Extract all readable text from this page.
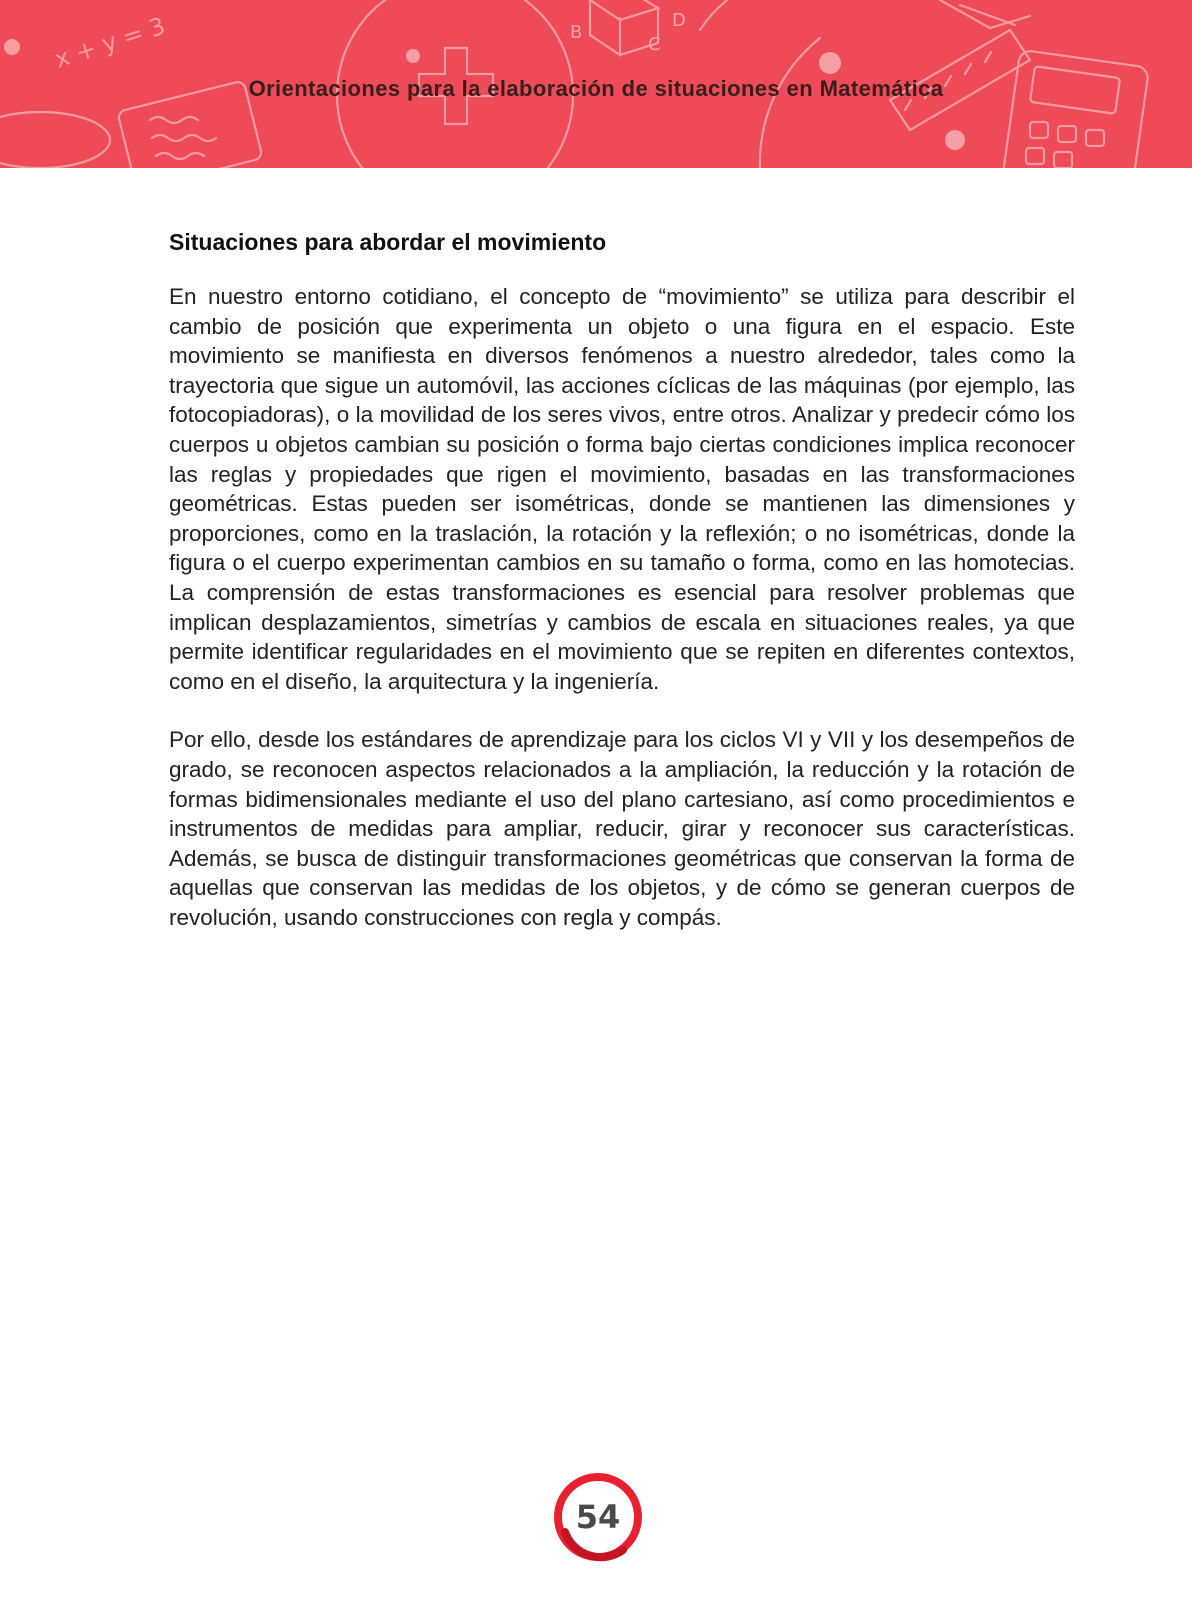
x + y = 3	B
C
D
Orientaciones para la elaboración de situaciones en Matemática
Situaciones para abordar el movimiento

En nuestro entorno cotidiano, el concepto de “movimiento” se utiliza para describir el cambio de posición que experimenta un objeto o una figura en el espacio. Este movimiento se manifiesta en diversos fenómenos a nuestro alrededor, tales como la trayectoria que sigue un automóvil, las acciones cíclicas de las máquinas (por ejemplo, las fotocopiadoras), o la movilidad de los seres vivos, entre otros. Analizar y predecir cómo los cuerpos u objetos cambian su posición o forma bajo ciertas condiciones implica reconocer las reglas y propiedades que rigen el movimiento, basadas en las transformaciones geométricas. Estas pueden ser isométricas, donde se mantienen las dimensiones y proporciones, como en la traslación, la rotación y la reflexión; o no isométricas, donde la figura o el cuerpo experimentan cambios en su tamaño o forma, como en las homotecias. La comprensión de estas transformaciones es esencial para resolver problemas que implican desplazamientos, simetrías y cambios de escala en situaciones reales, ya que permite identificar regularidades en el movimiento que se repiten en diferentes contextos, como en el diseño, la arquitectura y la ingeniería.

Por ello, desde los estándares de aprendizaje para los ciclos VI y VII y los desempeños de grado, se reconocen aspectos relacionados a la ampliación, la reducción y la rotación de formas bidimensionales mediante el uso del plano cartesiano, así como procedimientos e instrumentos de medidas para ampliar, reducir, girar y reconocer sus características. Además, se busca de distinguir transformaciones geométricas que conservan la forma de aquellas que conservan las medidas de los objetos, y de cómo se generan cuerpos de revolución, usando construcciones con regla y compás.

54
